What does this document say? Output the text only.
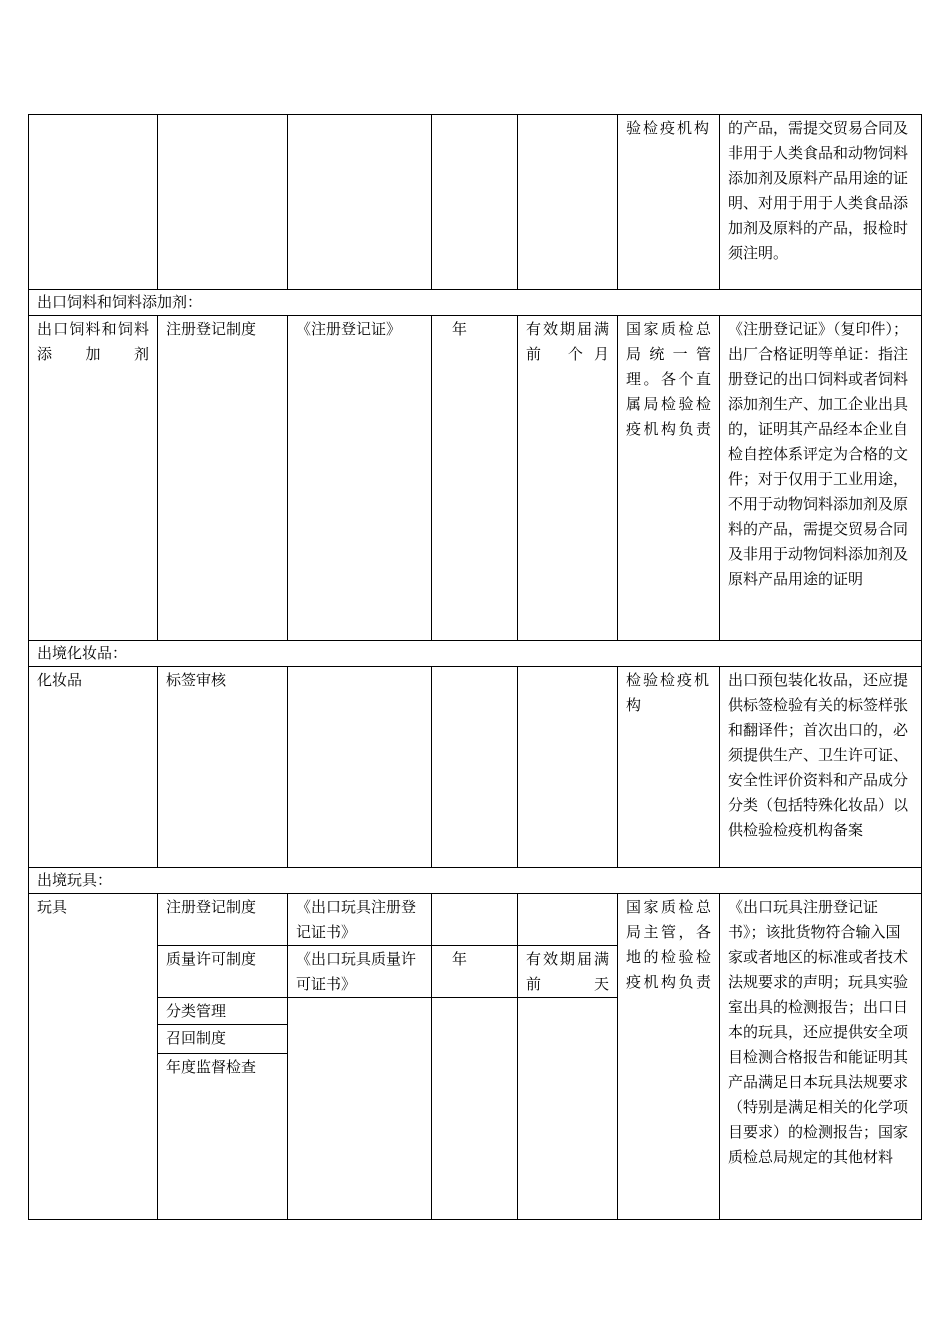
					验检疫机构	的产品，需提交贸易合同及非用于人类食品和动物饲料添加剂及原料产品用途的证明、对用于用于人类食品添加剂及原料的产品，报检时须注明。
出口饲料和饲料添加剂：						
出口饲料和饲料添加剂	注册登记制度	《注册登记证》	年	有效期届满前 个月	国家质检总局统一管理。各个直属局检验检疫机构负责	《注册登记证》（复印件）；出厂合格证明等单证：指注册登记的出口饲料或者饲料添加剂生产、加工企业出具的，证明其产品经本企业自检自控体系评定为合格的文件；对于仅用于工业用途，不用于动物饲料添加剂及原料的产品，需提交贸易合同及非用于动物饲料添加剂及原料产品用途的证明
出境化妆品：						
化妆品	标签审核				检验检疫机构	出口预包装化妆品，还应提供标签检验有关的标签样张和翻译件；首次出口的，必须提供生产、卫生许可证、安全性评价资料和产品成分分类（包括特殊化妆品）以供检验检疫机构备案
出境玩具：						
玩具	注册登记制度	《出口玩具注册登记证书》			国家质检总局主管，各地的检验检疫机构负责	《出口玩具注册登记证书》；该批货物符合输入国家或者地区的标准或者技术法规要求的声明；玩具实验室出具的检测报告；出口日本的玩具，还应提供安全项目检测合格报告和能证明其产品满足日本玩具法规要求（特别是满足相关的化学项目要求）的检测报告；国家质检总局规定的其他材料
	质量许可制度	《出口玩具质量许可证书》	年	有效期届满前 天		
	分类管理					
	召回制度					
	年度监督检查					
